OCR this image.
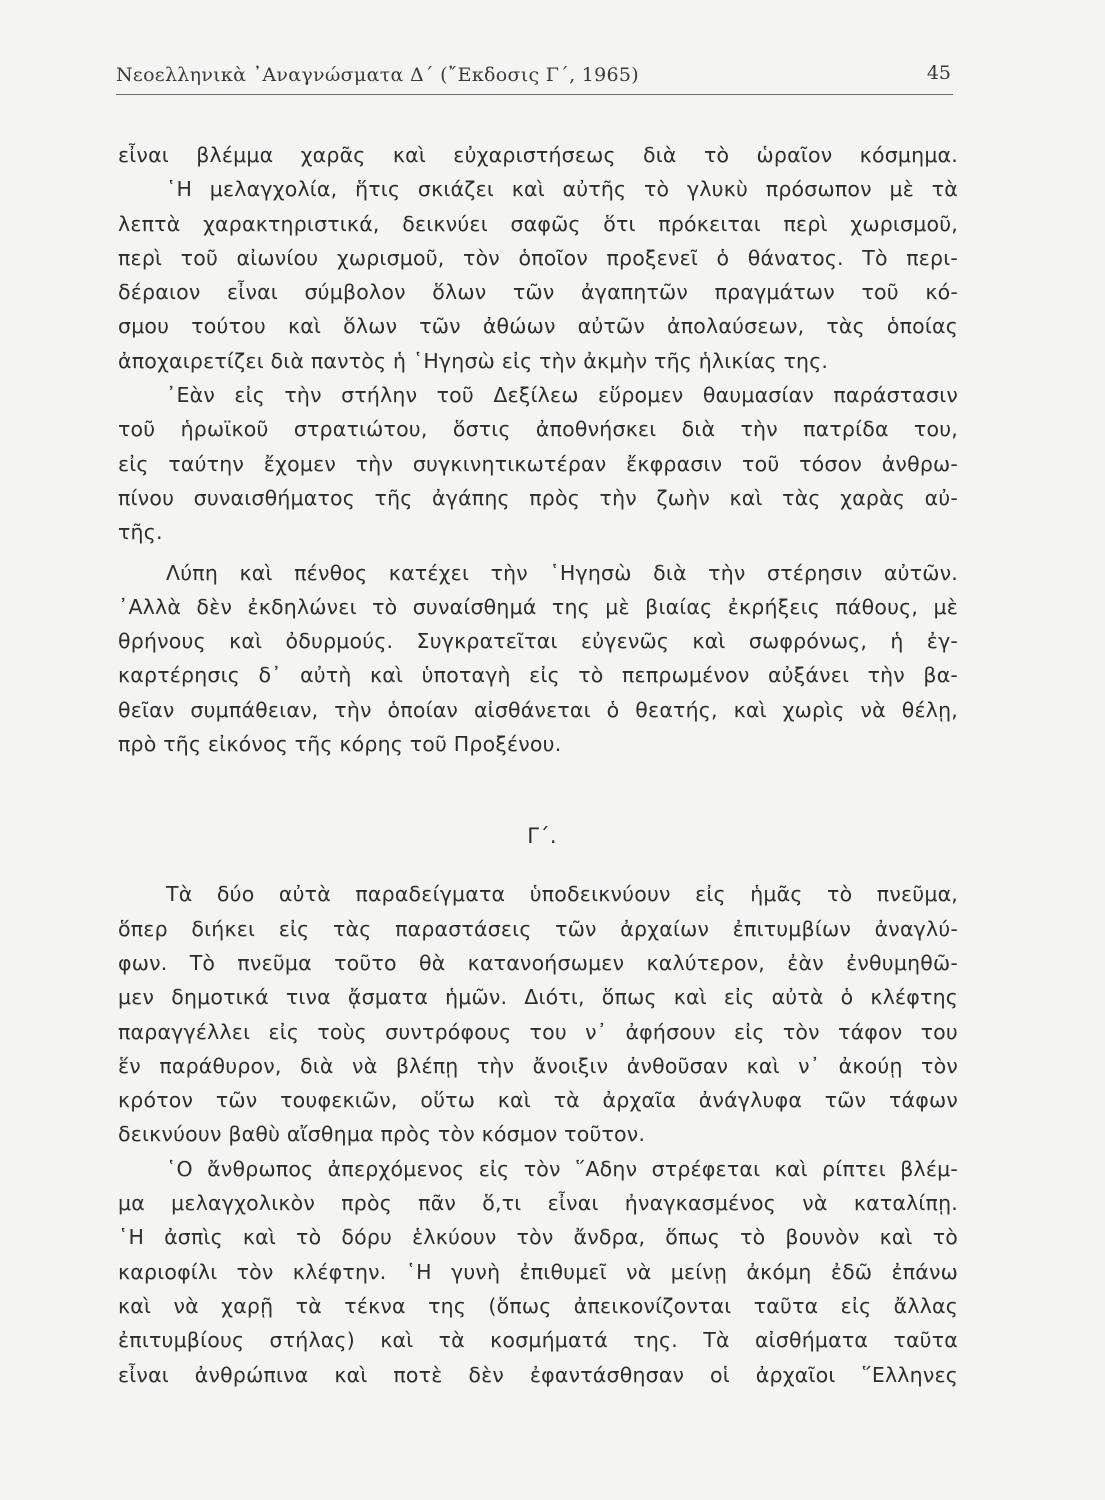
Νεοελληνικὰ ᾿Αναγνώσματα Δ΄ (῎Εκδοσις Γ΄, 1965)	45
εἶναι βλέμμα χαρᾶς καὶ εὐχαριστήσεως διὰ τὸ ὡραῖον κόσμημα.
῾Η μελαγχολία, ἥτις σκιάζει καὶ αὐτῆς τὸ γλυκὺ πρόσωπον μὲ τὰ
λεπτὰ χαρακτηριστικά, δεικνύει σαφῶς ὅτι πρόκειται περὶ χωρισμοῦ,
περὶ τοῦ αἰωνίου χωρισμοῦ, τὸν ὁποῖον προξενεῖ ὁ θάνατος. Τὸ περι-
δέραιον εἶναι σύμβολον ὅλων τῶν ἀγαπητῶν πραγμάτων τοῦ κό-
σμου τούτου καὶ ὅλων τῶν ἀθώων αὐτῶν ἀπολαύσεων, τὰς ὁποίας
ἀποχαιρετίζει διὰ παντὸς ἡ ῾Ηγησὼ εἰς τὴν ἀκμὴν τῆς ἡλικίας της.
᾿Εὰν εἰς τὴν στήλην τοῦ Δεξίλεω εὕρομεν θαυμασίαν παράστασιν
τοῦ ἡρωϊκοῦ στρατιώτου, ὅστις ἀποθνήσκει διὰ τὴν πατρίδα του,
εἰς ταύτην ἔχομεν τὴν συγκινητικωτέραν ἔκφρασιν τοῦ τόσον ἀνθρω-
πίνου συναισθήματος τῆς ἀγάπης πρὸς τὴν ζωὴν καὶ τὰς χαρὰς αὐ-
τῆς.
Λύπη καὶ πένθος κατέχει τὴν ῾Ηγησὼ διὰ τὴν στέρησιν αὐτῶν.
᾿Αλλὰ δὲν ἐκδηλώνει τὸ συναίσθημά της μὲ βιαίας ἐκρήξεις πάθους, μὲ
θρήνους καὶ ὀδυρμούς. Συγκρατεῖται εὐγενῶς καὶ σωφρόνως, ἡ ἐγ-
καρτέρησις δ᾿ αὐτὴ καὶ ὑποταγὴ εἰς τὸ πεπρωμένον αὐξάνει τὴν βα-
θεῖαν συμπάθειαν, τὴν ὁποίαν αἰσθάνεται ὁ θεατής, καὶ χωρὶς νὰ θέλῃ,
πρὸ τῆς εἰκόνος τῆς κόρης τοῦ Προξένου.
Γ΄.
Τὰ δύο αὐτὰ παραδείγματα ὑποδεικνύουν εἰς ἡμᾶς τὸ πνεῦμα,
ὅπερ διήκει εἰς τὰς παραστάσεις τῶν ἀρχαίων ἐπιτυμβίων ἀναγλύ-
φων. Τὸ πνεῦμα τοῦτο θὰ κατανοήσωμεν καλύτερον, ἐὰν ἐνθυμηθῶ-
μεν δημοτικά τινα ᾄσματα ἡμῶν. Διότι, ὅπως καὶ εἰς αὐτὰ ὁ κλέφτης
παραγγέλλει εἰς τοὺς συντρόφους του ν᾿ ἀφήσουν εἰς τὸν τάφον του
ἕν παράθυρον, διὰ νὰ βλέπῃ τὴν ἄνοιξιν ἀνθοῦσαν καὶ ν᾿ ἀκούῃ τὸν
κρότον τῶν τουφεκιῶν, οὕτω καὶ τὰ ἀρχαῖα ἀνάγλυφα τῶν τάφων
δεικνύουν βαθὺ αἴσθημα πρὸς τὸν κόσμον τοῦτον.
῾Ο ἄνθρωπος ἀπερχόμενος εἰς τὸν ῞Αδην στρέφεται καὶ ρίπτει βλέμ-
μα μελαγχολικὸν πρὸς πᾶν ὅ,τι εἶναι ἠναγκασμένος νὰ καταλίπῃ.
῾Η ἀσπὶς καὶ τὸ δόρυ ἑλκύουν τὸν ἄνδρα, ὅπως τὸ βουνὸν καὶ τὸ
καριοφίλι τὸν κλέφτην. ῾Η γυνὴ ἐπιθυμεῖ νὰ μείνῃ ἀκόμη ἐδῶ ἐπάνω
καὶ νὰ χαρῇ τὰ τέκνα της (ὅπως ἀπεικονίζονται ταῦτα εἰς ἄλλας
ἐπιτυμβίους στήλας) καὶ τὰ κοσμήματά της. Τὰ αἰσθήματα ταῦτα
εἶναι ἀνθρώπινα καὶ ποτὲ δὲν ἐφαντάσθησαν οἱ ἀρχαῖοι ῞Ελληνες
